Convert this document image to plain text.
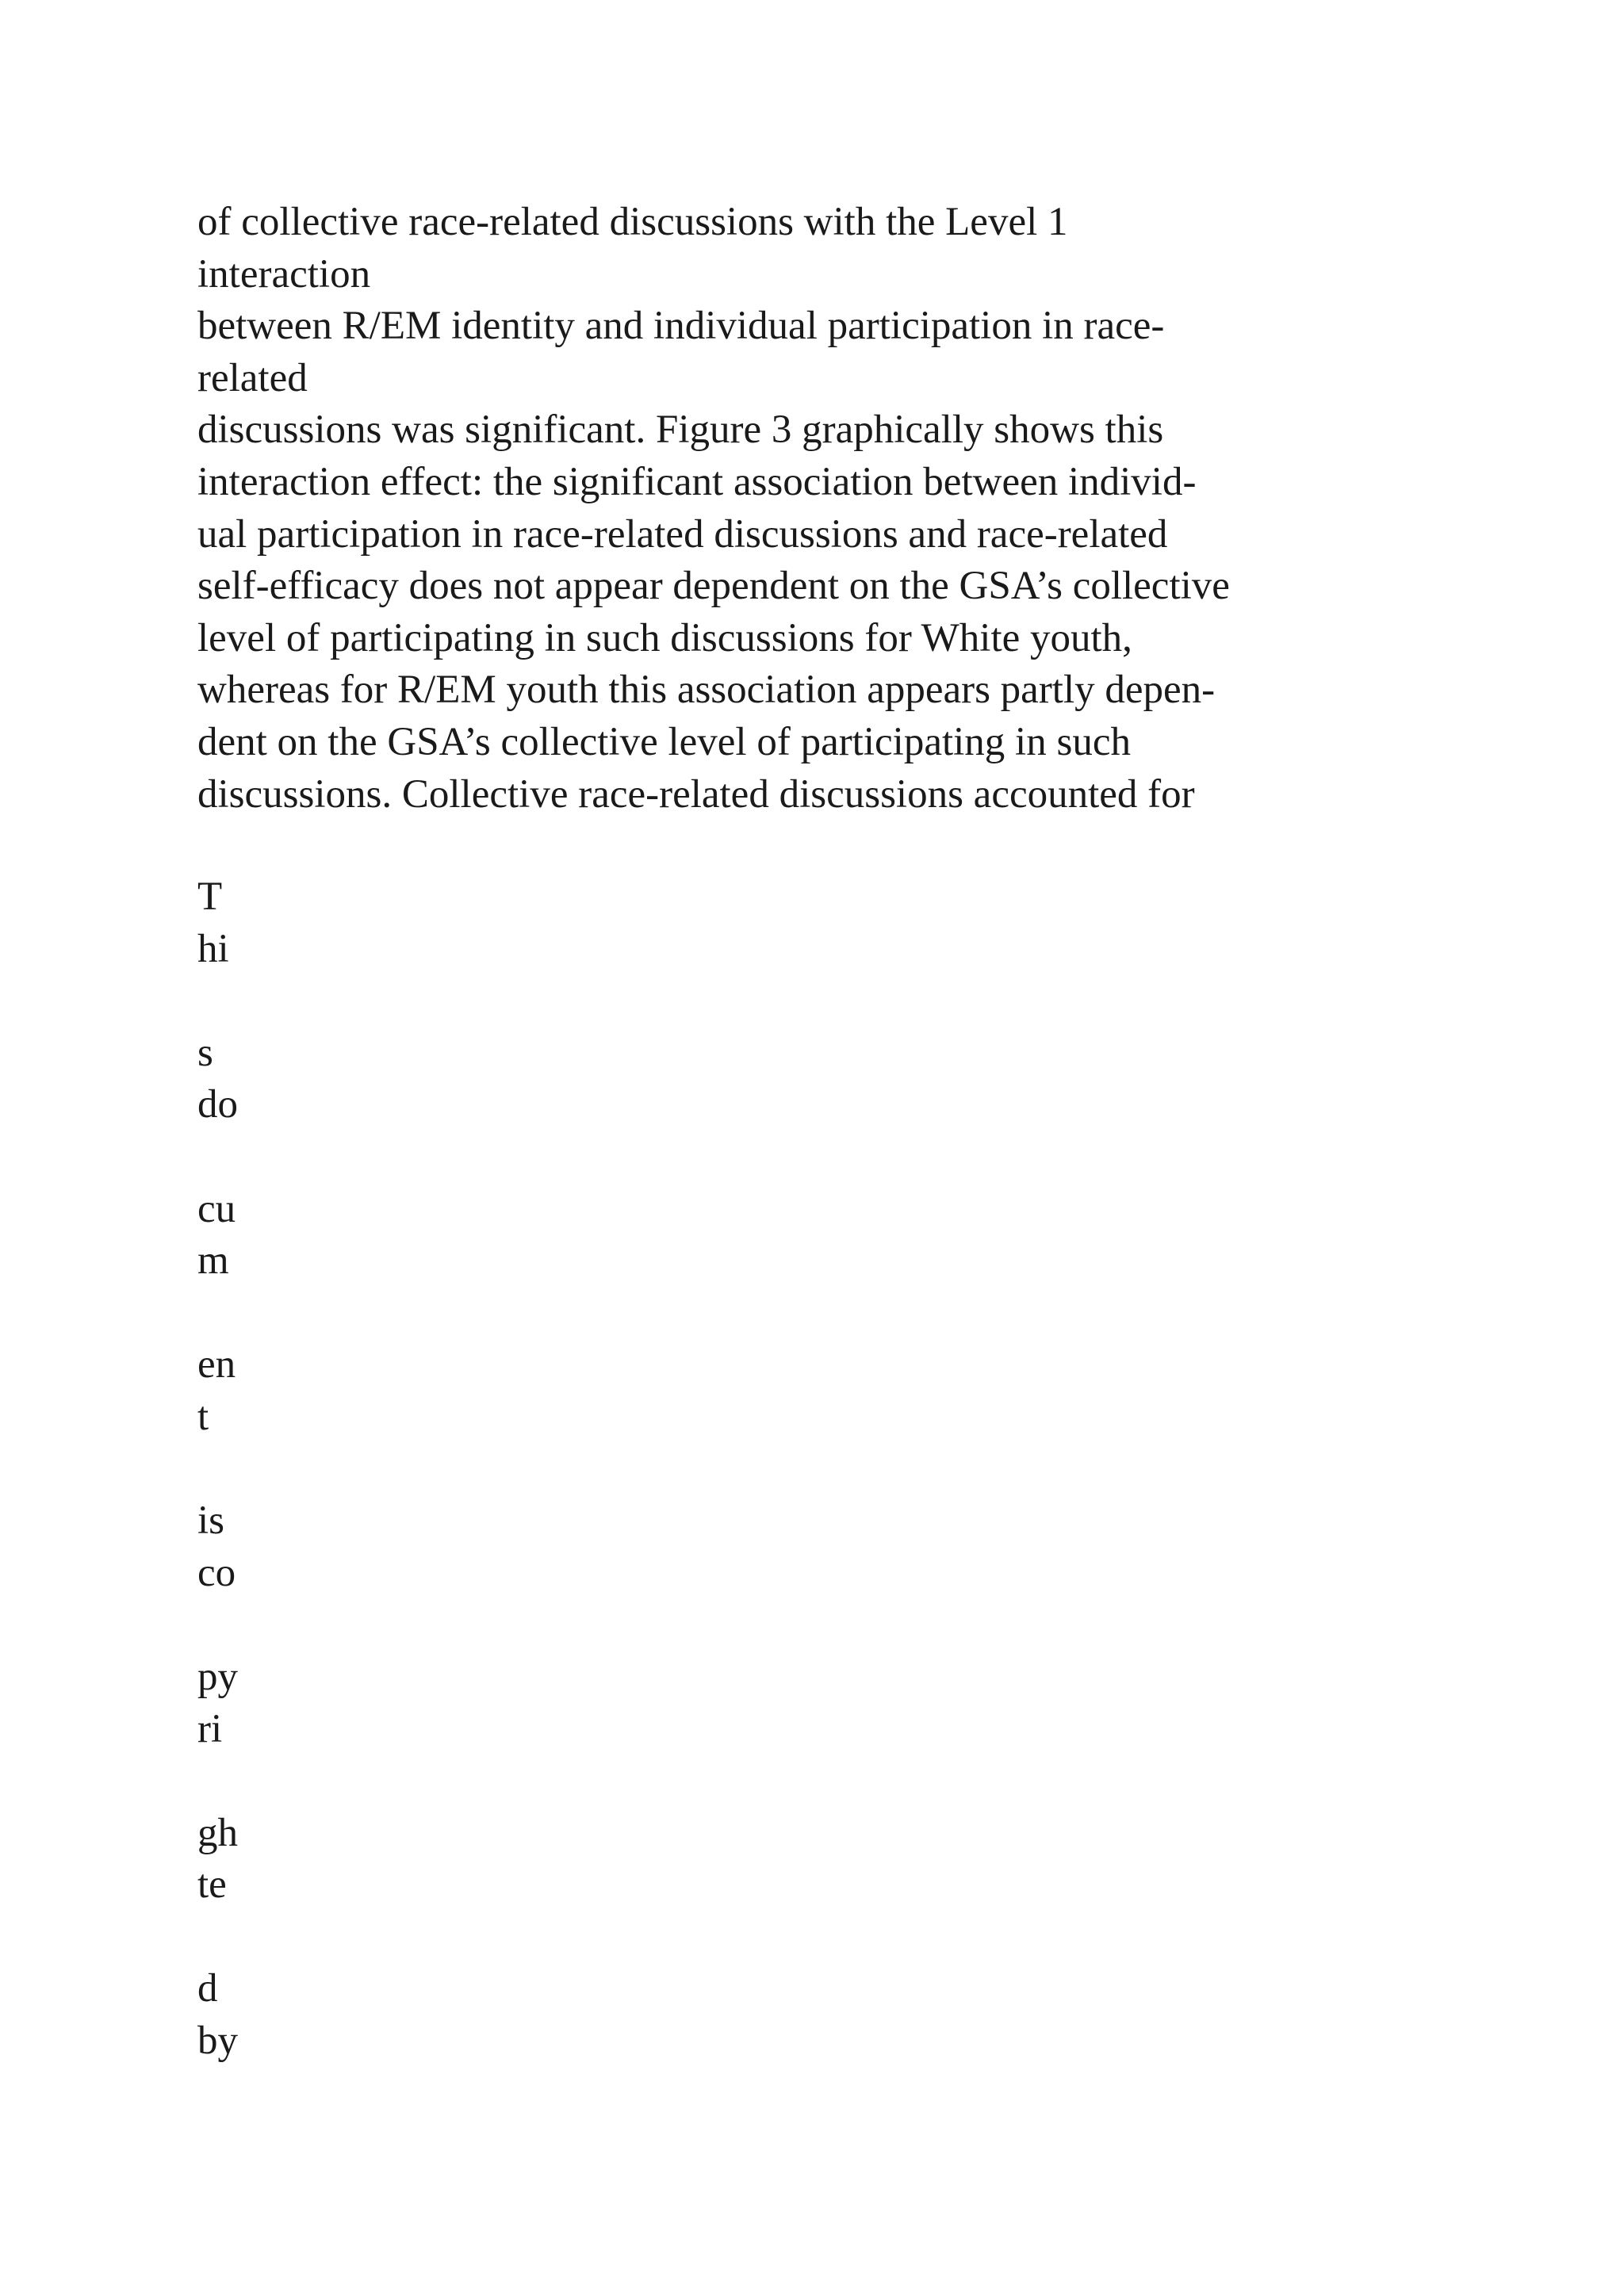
of collective race-related discussions with the Level 1
interaction
between R/EM identity and individual participation in race-
related
discussions was significant. Figure 3 graphically shows this
interaction effect: the significant association between individ-
ual participation in race-related discussions and race-related
self-efficacy does not appear dependent on the GSA’s collective
level of participating in such discussions for White youth,
whereas for R/EM youth this association appears partly depen-
dent on the GSA’s collective level of participating in such
discussions. Collective race-related discussions accounted for
T
hi
s
do
cu
m
en
t
is
co
py
ri
gh
te
d
by
